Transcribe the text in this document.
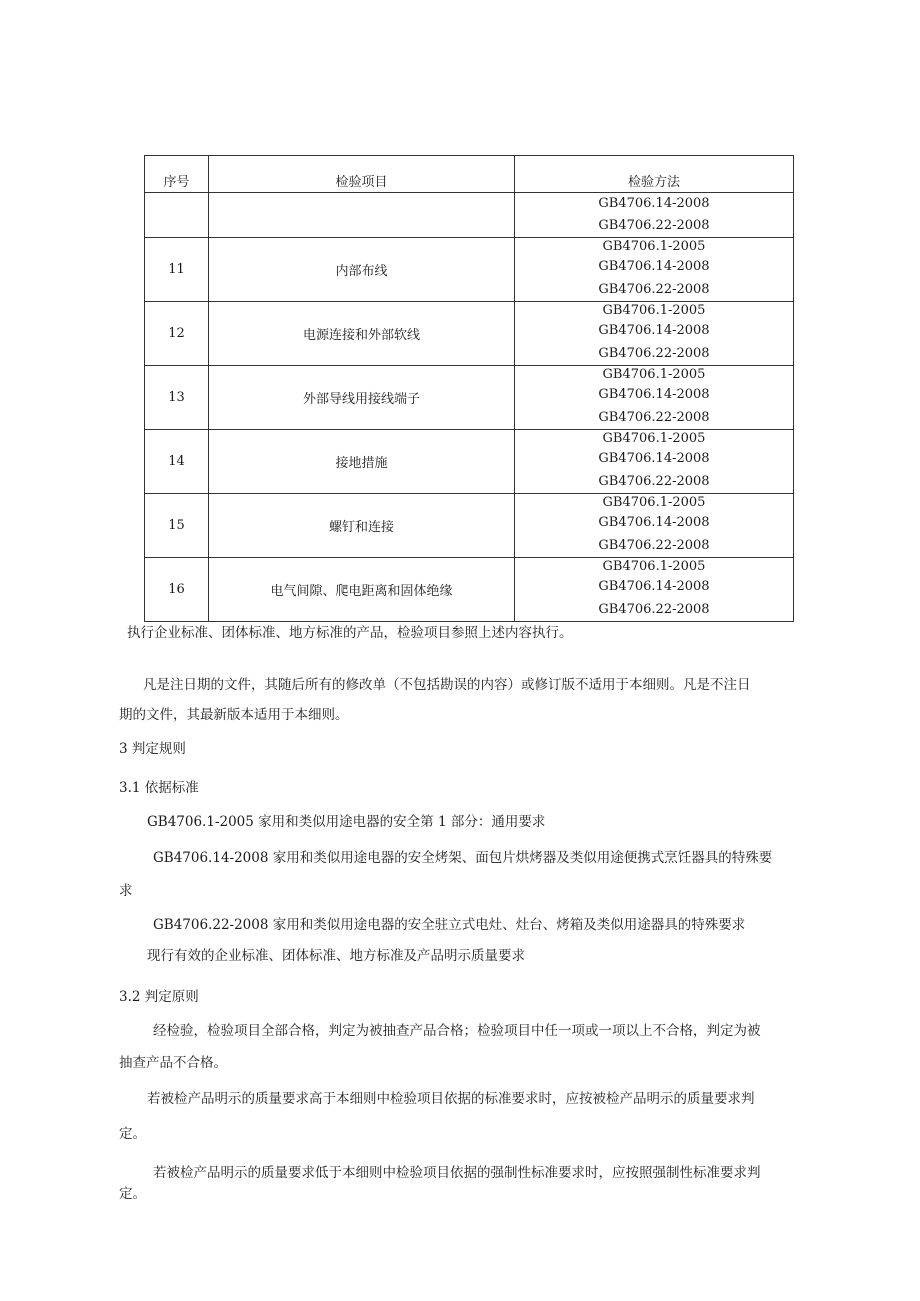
序号	检验项目	检验方法

		GB4706.14-2008
GB4706.22-2008

11	内部布线	GB4706.1-2005
GB4706.14-2008
GB4706.22-2008

12	电源连接和外部软线	GB4706.1-2005
GB4706.14-2008
GB4706.22-2008

13	外部导线用接线端子	GB4706.1-2005
GB4706.14-2008
GB4706.22-2008

14	接地措施	GB4706.1-2005
GB4706.14-2008
GB4706.22-2008

15	螺钉和连接	GB4706.1-2005
GB4706.14-2008
GB4706.22-2008

16	电气间隙、爬电距离和固体绝缘	GB4706.1-2005
GB4706.14-2008
GB4706.22-2008
执行企业标准、团体标准、地方标准的产品，检验项目参照上述内容执行。
凡是注日期的文件，其随后所有的修改单（不包括勘误的内容）或修订版不适用于本细则。凡是不注日
期的文件，其最新版本适用于本细则。
3 判定规则
3.1 依据标准
GB4706.1-2005 家用和类似用途电器的安全第 1 部分：通用要求
GB4706.14-2008 家用和类似用途电器的安全烤架、面包片烘烤器及类似用途便携式烹饪器具的特殊要
求
GB4706.22-2008 家用和类似用途电器的安全驻立式电灶、灶台、烤箱及类似用途器具的特殊要求
现行有效的企业标准、团体标准、地方标准及产品明示质量要求
3.2 判定原则
经检验，检验项目全部合格，判定为被抽查产品合格；检验项目中任一项或一项以上不合格，判定为被
抽查产品不合格。
若被检产品明示的质量要求高于本细则中检验项目依据的标准要求时，应按被检产品明示的质量要求判
定。
若被检产品明示的质量要求低于本细则中检验项目依据的强制性标准要求时，应按照强制性标准要求判
定。
